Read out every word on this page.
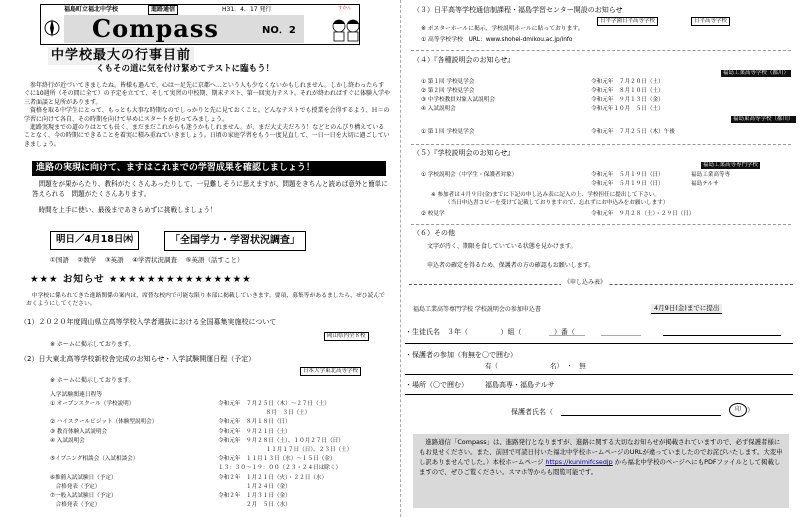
福島町立福北中学校	進路通信	H31．4．17 発行
Compass	NO．2
すかん
中学校最大の行事目前
くもその道に気を付け緊めてテストに臨もう！

　参年終行が近づいてきましたね。皆様も過んで、心は一足先に京都へ…という人も少なくないかもしれません。しかし終わったらすぐに10週所（その間に全て）の予定を立てて、そして実習の中校期、期末テスト、第一回実力テスト。それが終わればすぐに体験入学や三者面談と見所があります。

　資格を取る中学生にとって、もっとも大事な時期なのでしっかりと先に見ておくこと。どんなテストでも授業を会得するよう、Ｈ＝の学習に向けて各自、その時期を向けて早めにスタートを切ってみましょう。

　進路実現までの道のりはとても長く、まだまだこれからも迷うかもしれません。が、まだ大丈夫だろう！などとのんびり構えていることなく、今の時期にできることを着実に積み重ねていきましょう。日頃の家庭学習をもう一度見直して、一日一日を大切に過ごしていきましょう。

進路の実現に向けて、ますはこれまでの学習成果を確認しましょう！

　問題をが果からたり、教科がたくさんあったりして、一見難しそうに思えますが、問題をきちんと読めば意外と簡単に答えられる　問題がたくさんあります。

　時間を上手に使い、最後まであきらめずに挑戦しましょう！

明日／4月18日㈭	「全国学力・学習状況調査」
①国語　 ②数学　 ③英語　 ④学習状況調査　 ⑤英語（話すこと）
★★★ お知らせ ★★★★★★★★★★★★★★★
　中学校に係られてきた進路関係の案内は、席替な校内で可能な限り本部に掲載していきます。要項、募集等があるましたら、ぜひ読んでおくようにしてください。
（1）２０２０年度岡山県立高等学校入学者選抜における全国募集実施校について
岡山県内全８校
※ ホームに掲示しております。
（2）日大東北高等学校新校舎完成のお知らせ・入学試験開運日程（予定）
日本大学東北高等学校
※ ホームに掲示しております。
入学試験関連日程等
① オープンスクール（学校説明）	令和元年　７月２５日（木）～２７日（土）
　８月　３日（土）
② ハイスクールビジット（体験型説明会）	令和元年　８月１８日（日）
③ 教育体験入試説明会	令和元年　９月２１日（土）
④ 入試説明会	令和元年　９月２８日（土）、１０月２７日（日）
　１１月１７日（日）、２３日（土）
⑤イブニング相談会（入試相談会）	令和元年　１１月１３日（水）～１５日（金）
１３：３０～１９：００（２３・２４日は除く）
⑥推薦入試試験日（予定）	令和２年　１月２１日（火）・２２日（水）
　合格発表（予定）	　　　　　１月２４日（金）
⑦一般入試試験日（予定）	令和２年　１月３１日（金）
　合格発表（予定）	　　　　　２月　５日（水）
（３）日平高等学校通信制課程・福島学習センター開設のお知らせ
日平学園日平高等学校	日平高等学校
※ ポスターホールに掲示、学校説明ホールに貼っております。
① 高等学校学校　URL：www.shohei-dmikou.ac.jp/info
（４）『各種説明会のお知らせ』
福島工業高等学校（都川）
① 第１回 学校見学会	令和元年　７月２０日（土）
② 第２回 学校見学会	令和元年　８月１０日（土）
③ 中学校教員対象入試説明会	令和元年　９月１３日（金）
④ 入試説明会	令和元年１０月　５日（土）
福島東高等学校（都川）
① 第１回 学校見学会	令和元年　７月２５日（木）午後
（５）『学校説明会のお知らせ』
福島工業高等専門学校
① 学校説明会（中学生・保護者対象）	令和元年　５月１９日（日）	福島工業高等専
令和元年　５月１９日（日）	福島テルサ
※ 参加者は４月９日(金)までに下記の申し込み表に記入の上、学校担任に提出して下さい。
（当日申込書コピーを受けて記載しておりますので、忘れずにお申込みをお願いします）
② 校見学	令和元年　９月２８（土）・２９日（日）
（６）その他
　文字が汚く、期限を食していている状態を見かけます。
　申込者の確定を得るため、保護者の方の確認もお願いします。
《申し込み表》
福島工業高等専門学校 学校説明会の参加申込書	4月9日(金)までに提出
・生徒氏名　３年（	）組（	）番（
・保護者の参加（有無を〇で囲む）
有（　　　　　　　　名）　・　無
・場所（〇で囲む） 福島高専・福島テルサ
保護者氏名（	印 ）
　進路通信「Compass」は、進路発行となりますが、進路に関する大切なお知らせが掲載されていますので、必ず保護者様にもお見せください。また、前回で可読日付いた福北中学校ホームページのURLが違っていましたのでお詫びいたします。大変申し訳ありませんでした。）本校ホームページ https://kunimifcsedjp から福北中学校のページへにもPDFファイルとして掲載しますので、ぜひご覧ください。スマホ等からも閲覧可能です。
